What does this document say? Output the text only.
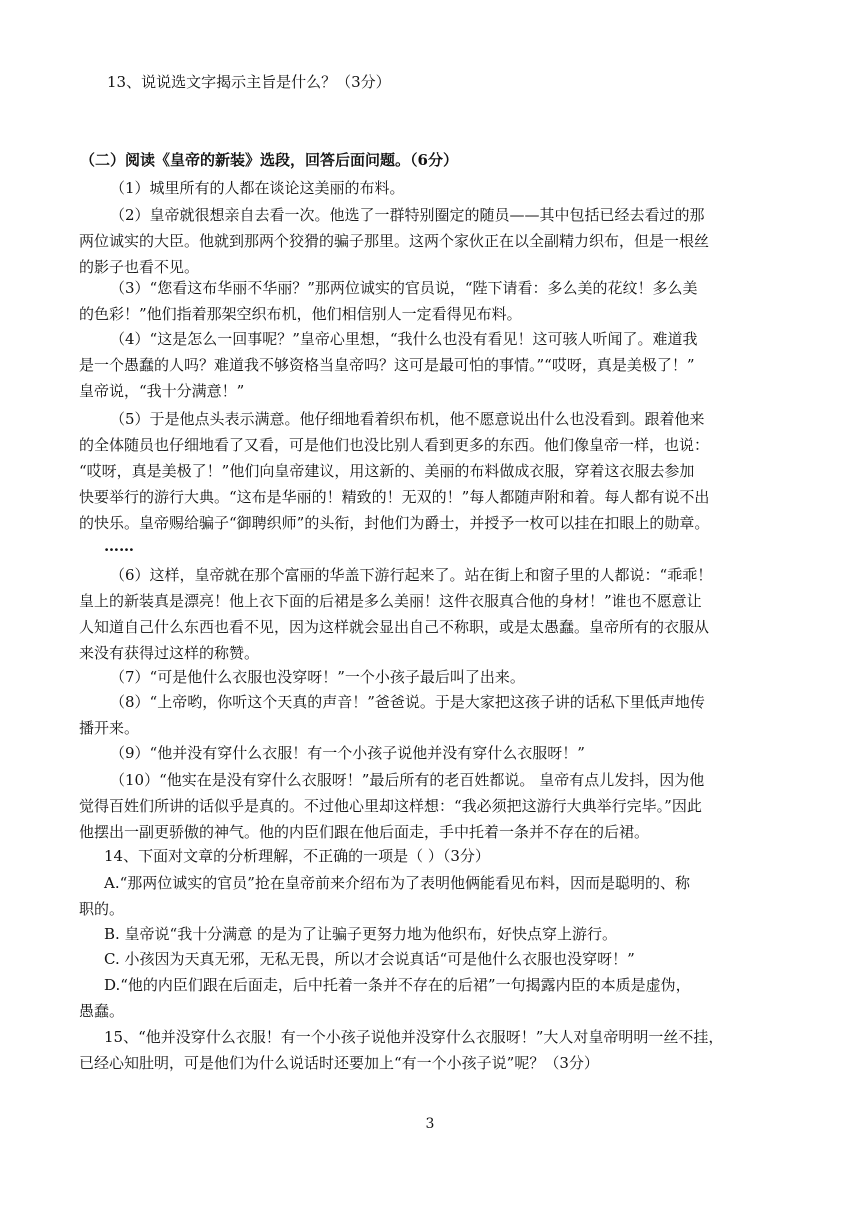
13、说说选文字揭示主旨是什么？（3分）
（二）阅读《皇帝的新装》选段，回答后面问题。（6分）
（1）城里所有的人都在谈论这美丽的布料。
（2）皇帝就很想亲自去看一次。他选了一群特别圈定的随员——其中包括已经去看过的那
两位诚实的大臣。他就到那两个狡猾的骗子那里。这两个家伙正在以全副精力织布，但是一根丝
的影子也看不见。
（3）“您看这布华丽不华丽？”那两位诚实的官员说，“陛下请看：多么美的花纹！多么美
的色彩！”他们指着那架空织布机，他们相信别人一定看得见布料。
（4）“这是怎么一回事呢？”皇帝心里想，“我什么也没有看见！这可骇人听闻了。难道我
是一个愚蠢的人吗？难道我不够资格当皇帝吗？这可是最可怕的事情。”“哎呀，真是美极了！”
皇帝说，“我十分满意！”
（5）于是他点头表示满意。他仔细地看着织布机，他不愿意说出什么也没看到。跟着他来
的全体随员也仔细地看了又看，可是他们也没比别人看到更多的东西。他们像皇帝一样，也说：
“哎呀，真是美极了！”他们向皇帝建议，用这新的、美丽的布料做成衣服，穿着这衣服去参加
快要举行的游行大典。“这布是华丽的！精致的！无双的！”每人都随声附和着。每人都有说不出
的快乐。皇帝赐给骗子“御聘织师”的头衔，封他们为爵士，并授予一枚可以挂在扣眼上的勋章。
……
（6）这样，皇帝就在那个富丽的华盖下游行起来了。站在街上和窗子里的人都说：“乖乖！
皇上的新装真是漂亮！他上衣下面的后裙是多么美丽！这件衣服真合他的身材！”谁也不愿意让
人知道自己什么东西也看不见，因为这样就会显出自己不称职，或是太愚蠢。皇帝所有的衣服从
来没有获得过这样的称赞。
（7）“可是他什么衣服也没穿呀！”一个小孩子最后叫了出来。
（8）“上帝哟，你听这个天真的声音！”爸爸说。于是大家把这孩子讲的话私下里低声地传
播开来。
（9）“他并没有穿什么衣服！有一个小孩子说他并没有穿什么衣服呀！”
（10）“他实在是没有穿什么衣服呀！”最后所有的老百姓都说。 皇帝有点儿发抖，因为他
觉得百姓们所讲的话似乎是真的。不过他心里却这样想：“我必须把这游行大典举行完毕。”因此
他摆出一副更骄傲的神气。他的内臣们跟在他后面走，手中托着一条并不存在的后裙。
14、下面对文章的分析理解，不正确的一项是（ ）（3分）
A.“那两位诚实的官员”抢在皇帝前来介绍布为了表明他俩能看见布料，因而是聪明的、称
职的。
B. 皇帝说“我十分满意 的是为了让骗子更努力地为他织布，好快点穿上游行。
C. 小孩因为天真无邪，无私无畏，所以才会说真话“可是他什么衣服也没穿呀！”
D.“他的内臣们跟在后面走，后中托着一条并不存在的后裙”一句揭露内臣的本质是虚伪，
愚蠢。
15、“他并没穿什么衣服！有一个小孩子说他并没穿什么衣服呀！”大人对皇帝明明一丝不挂，
已经心知肚明，可是他们为什么说话时还要加上“有一个小孩子说”呢？（3分）
3
